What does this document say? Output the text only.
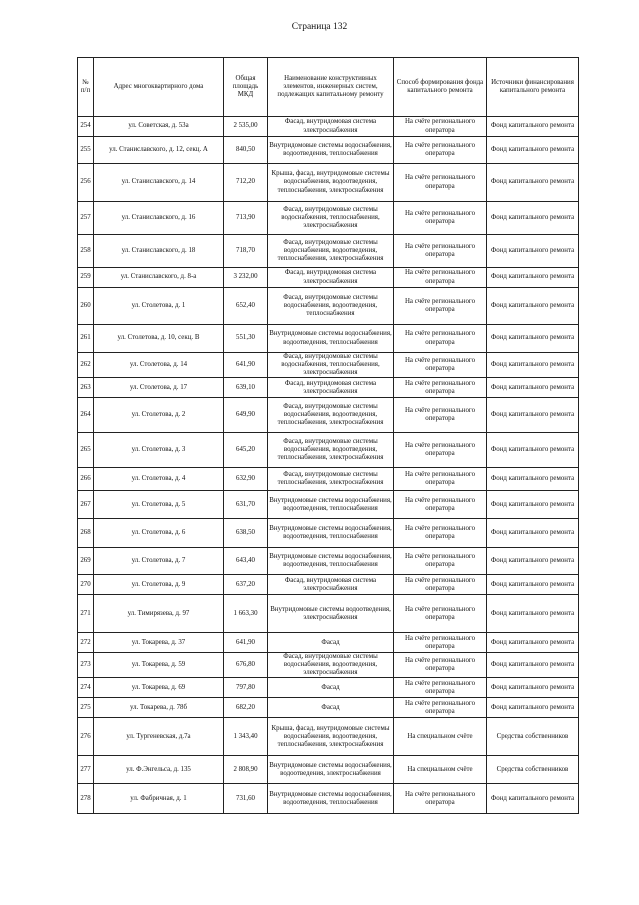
Страница 132
№ п/п	Адрес многоквартирного дома	Общая площадь МКД	Наименование конструктивных элементов, инженерных систем, подлежащих капитальному ремонту	Способ формирования фонда капитального ремонта	Источники финансирования капитального ремонта
254	ул. Советская, д. 53а	2 535,00	Фасад, внутридомовая система электроснабжения	На счёте регионального оператора	Фонд капитального ремонта
255	ул. Станиславского, д. 12, секц. А	840,50	Внутридомовые системы водоснабжения, водоотведения, теплоснабжения	На счёте регионального оператора	Фонд капитального ремонта
256	ул. Станиславского, д. 14	712,20	Крыша, фасад, внутридомовые системы водоснабжения, водоотведения, теплоснабжения, электроснабжения	На счёте регионального оператора	Фонд капитального ремонта
257	ул. Станиславского, д. 16	713,90	Фасад, внутридомовые системы водоснабжения, теплоснабжения, электроснабжения	На счёте регионального оператора	Фонд капитального ремонта
258	ул. Станиславского, д. 18	718,70	Фасад, внутридомовые системы водоснабжения, водоотведения, теплоснабжения, электроснабжения	На счёте регионального оператора	Фонд капитального ремонта
259	ул. Станиславского, д. 8-а	3 232,00	Фасад, внутридомовая система электроснабжения	На счёте регионального оператора	Фонд капитального ремонта
260	ул. Столетова, д. 1	652,40	Фасад, внутридомовые системы водоснабжения, водоотведения, теплоснабжения	На счёте регионального оператора	Фонд капитального ремонта
261	ул. Столетова, д. 10, секц. В	551,30	Внутридомовые системы водоснабжения, водоотведения, теплоснабжения	На счёте регионального оператора	Фонд капитального ремонта
262	ул. Столетова, д. 14	641,90	Фасад, внутридомовые системы водоснабжения, теплоснабжения, электроснабжения	На счёте регионального оператора	Фонд капитального ремонта
263	ул. Столетова, д. 17	639,10	Фасад, внутридомовая система электроснабжения	На счёте регионального оператора	Фонд капитального ремонта
264	ул. Столетова, д. 2	649,90	Фасад, внутридомовые системы водоснабжения, водоотведения, теплоснабжения, электроснабжения	На счёте регионального оператора	Фонд капитального ремонта
265	ул. Столетова, д. 3	645,20	Фасад, внутридомовые системы водоснабжения, водоотведения, теплоснабжения, электроснабжения	На счёте регионального оператора	Фонд капитального ремонта
266	ул. Столетова, д. 4	632,90	Фасад, внутридомовые системы теплоснабжения, электроснабжения	На счёте регионального оператора	Фонд капитального ремонта
267	ул. Столетова, д. 5	631,70	Внутридомовые системы водоснабжения, водоотведения, теплоснабжения	На счёте регионального оператора	Фонд капитального ремонта
268	ул. Столетова, д. 6	638,50	Внутридомовые системы водоснабжения, водоотведения, теплоснабжения	На счёте регионального оператора	Фонд капитального ремонта
269	ул. Столетова, д. 7	643,40	Внутридомовые системы водоснабжения, водоотведения, теплоснабжения	На счёте регионального оператора	Фонд капитального ремонта
270	ул. Столетова, д. 9	637,20	Фасад, внутридомовая система электроснабжения	На счёте регионального оператора	Фонд капитального ремонта
271	ул. Тимирязева, д. 97	1 663,30	Внутридомовые системы водоотведения, электроснабжения	На счёте регионального оператора	Фонд капитального ремонта
272	ул. Токарева, д. 37	641,90	Фасад	На счёте регионального оператора	Фонд капитального ремонта
273	ул. Токарева, д. 59	676,80	Фасад, внутридомовые системы водоснабжения, водоотведения, электроснабжения	На счёте регионального оператора	Фонд капитального ремонта
274	ул. Токарева, д. 69	797,80	Фасад	На счёте регионального оператора	Фонд капитального ремонта
275	ул. Токарева, д. 78б	682,20	Фасад	На счёте регионального оператора	Фонд капитального ремонта
276	ул. Тургеневская, д.7а	1 343,40	Крыша, фасад, внутридомовые системы водоснабжения, водоотведения, теплоснабжения, электроснабжения	На специальном счёте	Средства собственников
277	ул. Ф.Энгельса, д. 135	2 808,90	Внутридомовые системы водоснабжения, водоотведения, электроснабжения	На специальном счёте	Средства собственников
278	ул. Фабричная, д. 1	731,60	Внутридомовые системы водоснабжения, водоотведения, теплоснабжения	На счёте регионального оператора	Фонд капитального ремонта
